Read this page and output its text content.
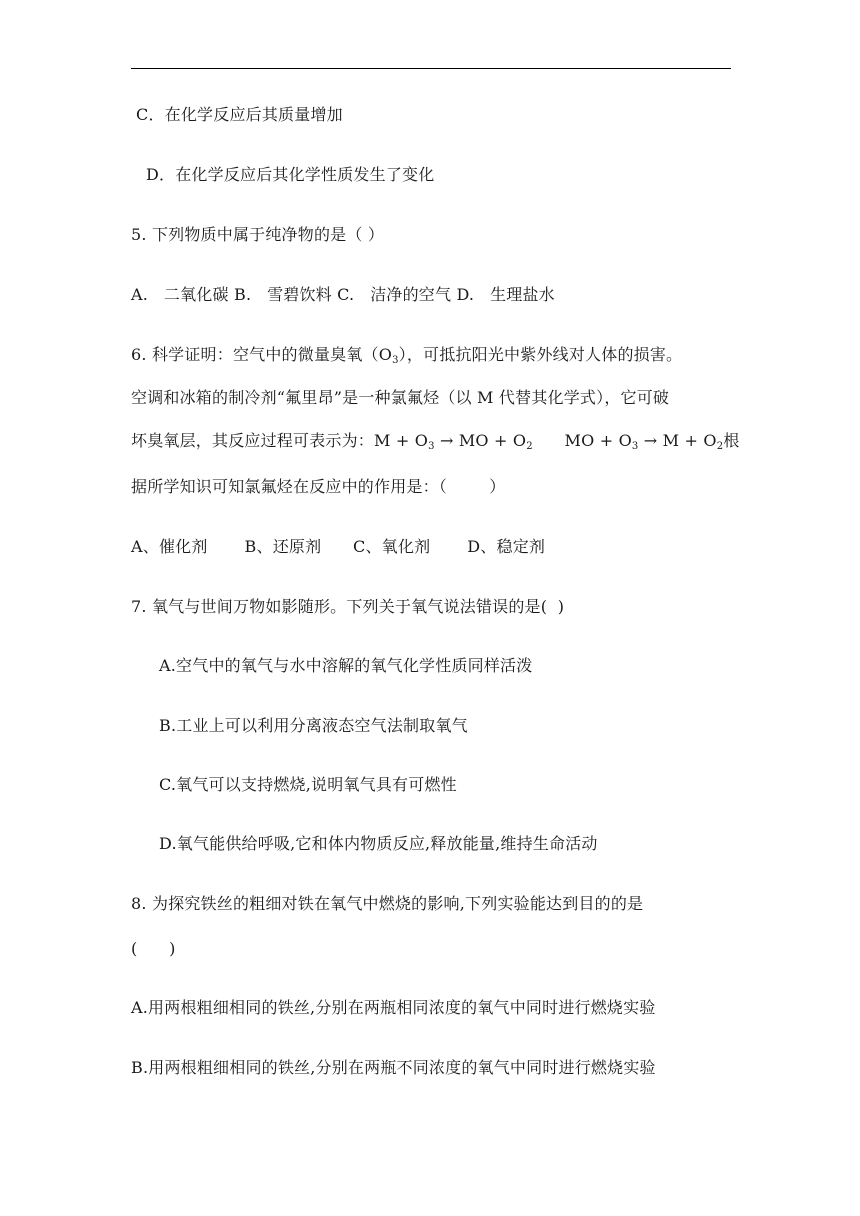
C．在化学反应后其质量增加
D．在化学反应后其化学性质发生了变化
5. 下列物质中属于纯净物的是（ ）
A.   二氧化碳 B.   雪碧饮料 C.   洁净的空气 D.   生理盐水
6. 科学证明：空气中的微量臭氧$(O_3)$，可抵抗阳光中紫外线对人体的损害。
空调和冰箱的制冷剂“氟里昂”是一种氯氟烃（以 M 代替其化学式），它可破
坏臭氧层，其反应过程可表示为：$M + O_3$ → MO + $O_2$      MO + $O_3 \to M + O_2$根
据所学知识可知氯氟烃在反应中的作用是：（        ）
A、催化剂       B、还原剂      C、氧化剂       D、稳定剂
7. 氧气与世间万物如影随形。下列关于氧气说法错误的是(  )
A.空气中的氧气与水中溶解的氧气化学性质同样活泼
B.工业上可以利用分离液态空气法制取氧气
C.氧气可以支持燃烧,说明氧气具有可燃性
D.氧气能供给呼吸,它和体内物质反应,释放能量,维持生命活动
8. 为探究铁丝的粗细对铁在氧气中燃烧的影响,下列实验能达到目的的是
(      )
A.用两根粗细相同的铁丝,分别在两瓶相同浓度的氧气中同时进行燃烧实验
B.用两根粗细相同的铁丝,分别在两瓶不同浓度的氧气中同时进行燃烧实验
